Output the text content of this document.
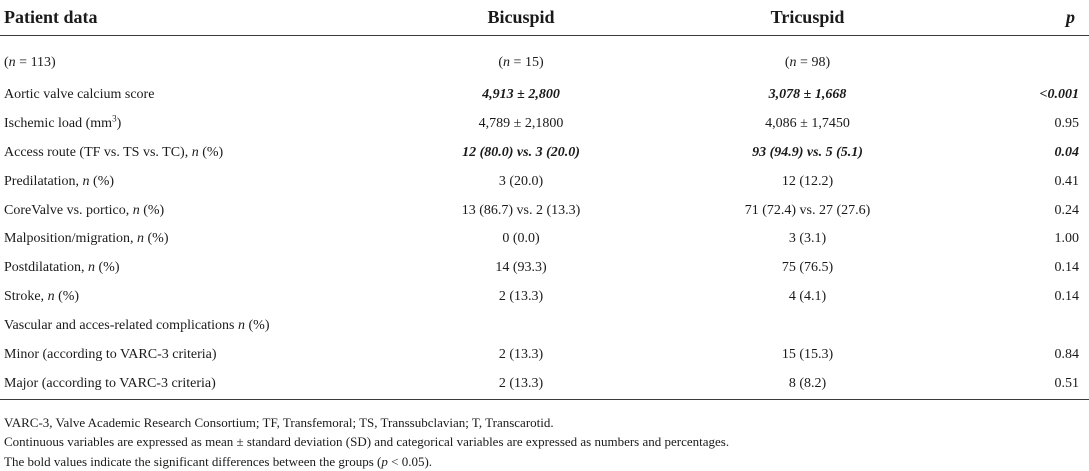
Patient data	Bicuspid	Tricuspid	p
(n = 113)	(n = 15)	(n = 98)	
Aortic valve calcium score	4,913 ± 2,800	3,078 ± 1,668	<0.001
Ischemic load $(mm^3)$	4,789 ± 2,1800	4,086 ± 1,7450	0.95
Access route (TF vs. TS vs. TC), n (%)	12 (80.0) vs. 3 (20.0)	93 (94.9) vs. 5 (5.1)	0.04
Predilatation, n (%)	3 (20.0)	12 (12.2)	0.41
CoreValve vs. portico, n (%)	13 (86.7) vs. 2 (13.3)	71 (72.4) vs. 27 (27.6)	0.24
Malposition/migration, n (%)	0 (0.0)	3 (3.1)	1.00
Postdilatation, n (%)	14 (93.3)	75 (76.5)	0.14
Stroke, n (%)	2 (13.3)	4 (4.1)	0.14
Vascular and acces-related complications n (%)			
Minor (according to VARC-3 criteria)	2 (13.3)	15 (15.3)	0.84
Major (according to VARC-3 criteria)	2 (13.3)	8 (8.2)	0.51

VARC-3, Valve Academic Research Consortium; TF, Transfemoral; TS, Transsubclavian; T, Transcarotid.

Continuous variables are expressed as mean ± standard deviation (SD) and categorical variables are expressed as numbers and percentages.

The bold values indicate the significant differences between the groups (p < 0.05).
